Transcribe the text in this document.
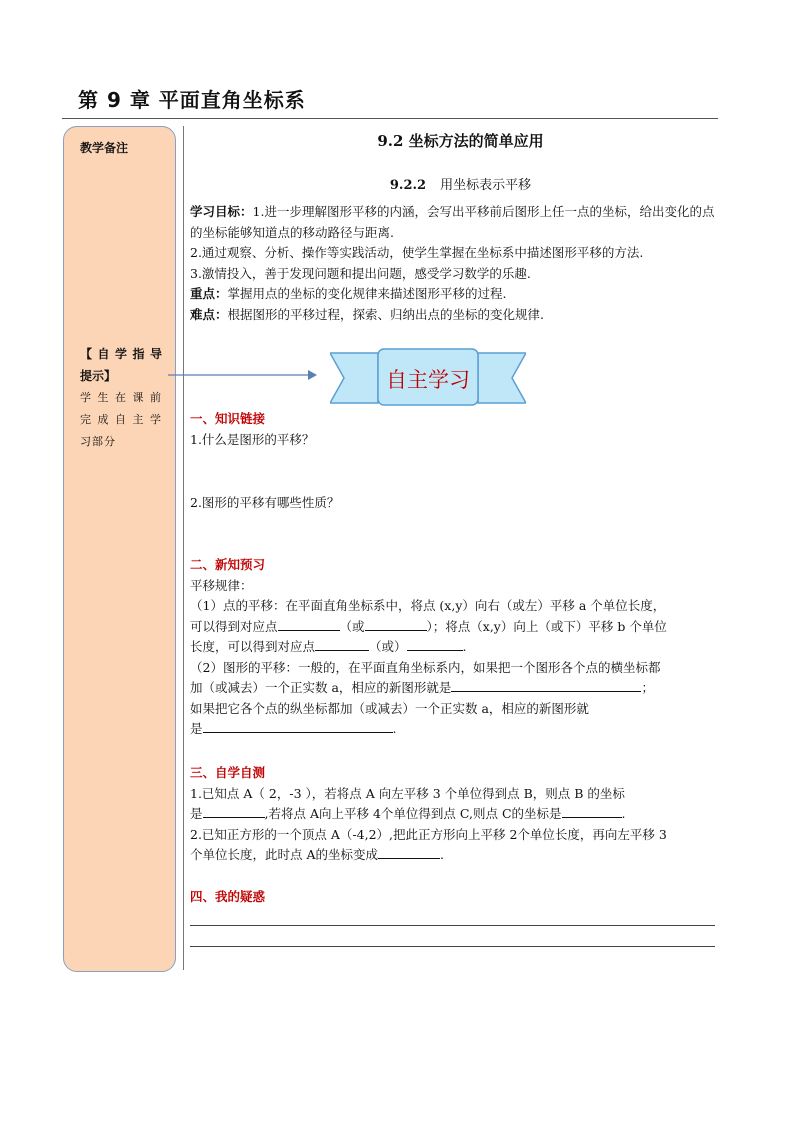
第 9 章 平面直角坐标系
教学备注
【自学指导
提示】
学生在课前
完成自主学
习部分
9.2 坐标方法的简单应用
9.2.2 用坐标表示平移

学习目标：1.进一步理解图形平移的内涵，会写出平移前后图形上任一点的坐标，给出变化的点的坐标能够知道点的移动路径与距离.

2.通过观察、分析、操作等实践活动，使学生掌握在坐标系中描述图形平移的方法.

3.激情投入，善于发现问题和提出问题，感受学习数学的乐趣.

重点：掌握用点的坐标的变化规律来描述图形平移的过程.

难点：根据图形的平移过程，探索、归纳出点的坐标的变化规律.

自主学习

一、知识链接

1.什么是图形的平移？

2.图形的平移有哪些性质？

二、新知预习

平移规律：

（1）点的平移：在平面直角坐标系中，将点 (x,y）向右（或左）平移 a 个单位长度，

可以得到对应点	（或	）；将点（x,y）向上（或下）平移 b 个单位

长度，可以得到对应点	（或）	.

（2）图形的平移：一般的，在平面直角坐标系内，如果把一个图形各个点的横坐标都

加（或减去）一个正实数 a，相应的新图形就是	；

如果把它各个点的纵坐标都加（或减去）一个正实数 a，相应的新图形就

是	.

三、自学自测

1.已知点 A（ 2，-3 ），若将点 A 向左平移 3 个单位得到点 B，则点 B 的坐标

是	,若将点 A向上平移 4个单位得到点 C,则点 C的坐标是	.

2.已知正方形的一个顶点 A（-4,2）,把此正方形向上平移 2个单位长度，再向左平移 3

个单位长度，此时点 A的坐标变成	.

四、我的疑惑
